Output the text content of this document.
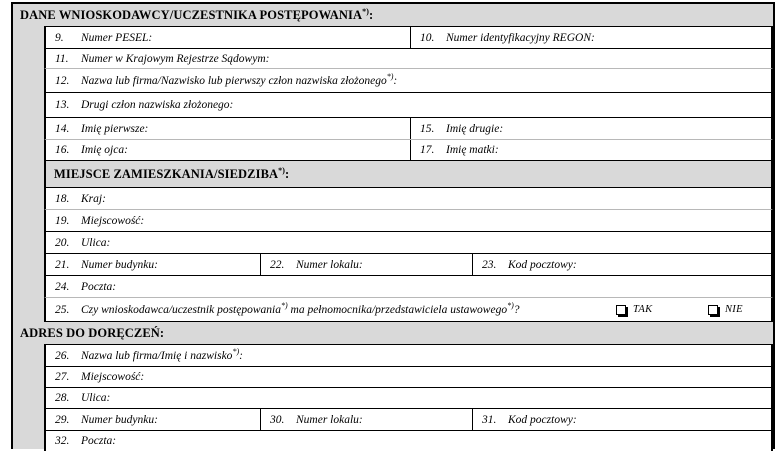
DANE WNIOSKODAWCY/UCZESTNIKA POSTĘPOWANIA*):
9.	Numer PESEL:	10.	Numer identyfikacyjny REGON:
11.	Numer w Krajowym Rejestrze Sądowym:
12.	Nazwa lub firma/Nazwisko lub pierwszy człon nazwiska złożonego*):
13.	Drugi człon nazwiska złożonego:
14.	Imię pierwsze:	15.	Imię drugie:
16.	Imię ojca:	17.	Imię matki:
MIEJSCE ZAMIESZKANIA/SIEDZIBA*):
18.	Kraj:
19.	Miejscowość:
20.	Ulica:
21.	Numer budynku:	22.	Numer lokalu:	23.	Kod pocztowy:
24.	Poczta:
25.	Czy wnioskodawca/uczestnik postępowania*) ma pełnomocnika/przedstawiciela ustawowego*)?	TAK	NIE
ADRES DO DORĘCZEŃ:
26.	Nazwa lub firma/Imię i nazwisko*):
27.	Miejscowość:
28.	Ulica:
29.	Numer budynku:	30.	Numer lokalu:	31.	Kod pocztowy:
32.	Poczta:
